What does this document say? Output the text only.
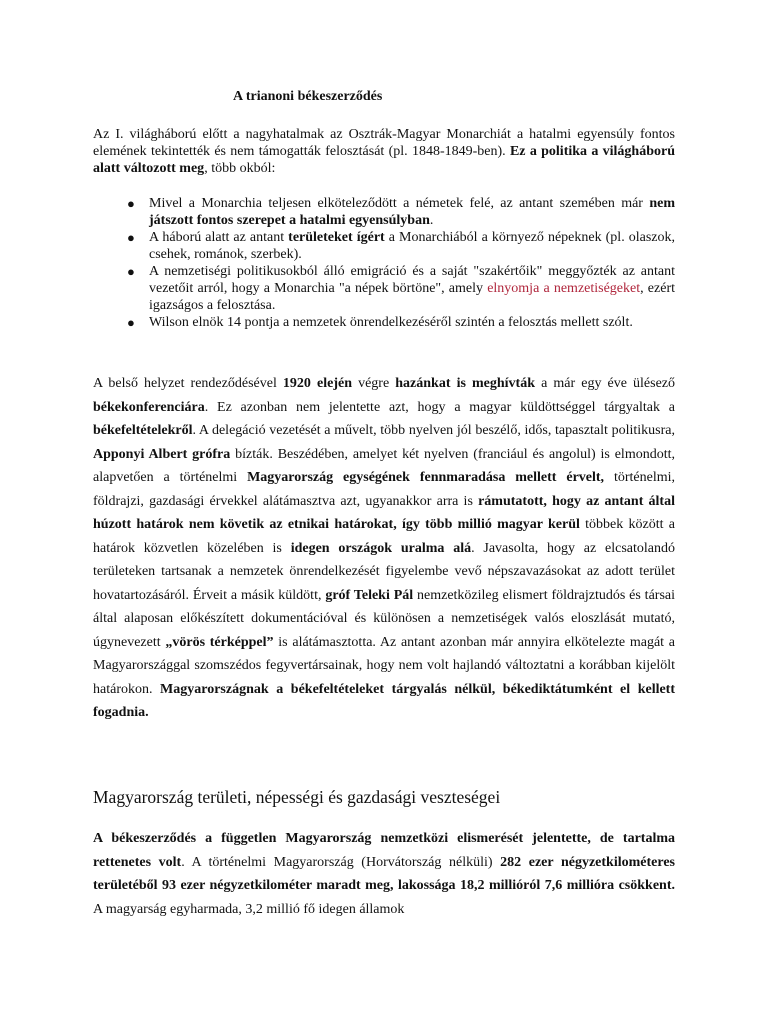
A trianoni békeszerződés

Az I. világháború előtt a nagyhatalmak az Osztrák-Magyar Monarchiát a hatalmi egyensúly fontos elemének tekintették és nem támogatták felosztását (pl. 1848-1849-ben). Ez a politika a világháború alatt változott meg, több okból:

● Mivel a Monarchia teljesen elköteleződött a németek felé, az antant szemében már nem játszott fontos szerepet a hatalmi egyensúlyban.
● A háború alatt az antant területeket ígért a Monarchiából a környező népeknek (pl. olaszok, csehek, románok, szerbek).
● A nemzetiségi politikusokból álló emigráció és a saját "szakértőik" meggyőzték az antant vezetőit arról, hogy a Monarchia "a népek börtöne", amely elnyomja a nemzetiségeket, ezért igazságos a felosztása.
● Wilson elnök 14 pontja a nemzetek önrendelkezéséről szintén a felosztás mellett szólt.

A belső helyzet rendeződésével 1920 elején végre hazánkat is meghívták a már egy éve ülésező békekonferenciára. Ez azonban nem jelentette azt, hogy a magyar küldöttséggel tárgyaltak a békefeltételekről. A delegáció vezetését a művelt, több nyelven jól beszélő, idős, tapasztalt politikusra, Apponyi Albert grófra bízták. Beszédében, amelyet két nyelven (franciául és angolul) is elmondott, alapvetően a történelmi Magyarország egységének fennmaradása mellett érvelt, történelmi, földrajzi, gazdasági érvekkel alátámasztva azt, ugyanakkor arra is rámutatott, hogy az antant által húzott határok nem követik az etnikai határokat, így több millió magyar kerül többek között a határok közvetlen közelében is idegen országok uralma alá. Javasolta, hogy az elcsatolandó területeken tartsanak a nemzetek önrendelkezését figyelembe vevő népszavazásokat az adott terület hovatartozásáról. Érveit a másik küldött, gróf Teleki Pál nemzetközileg elismert földrajztudós és társai által alaposan előkészített dokumentációval és különösen a nemzetiségek valós eloszlását mutató, úgynevezett „vörös térképpel” is alátámasztotta. Az antant azonban már annyira elkötelezte magát a Magyarországgal szomszédos fegyvertársainak, hogy nem volt hajlandó változtatni a korábban kijelölt határokon. Magyarországnak a békefeltételeket tárgyalás nélkül, békediktátumként el kellett fogadnia.

Magyarország területi, népességi és gazdasági veszteségei

A békeszerződés a független Magyarország nemzetközi elismerését jelentette, de tartalma rettenetes volt. A történelmi Magyarország (Horvátország nélküli) 282 ezer négyzetkilométeres területéből 93 ezer négyzetkilométer maradt meg, lakossága 18,2 millióról 7,6 millióra csökkent. A magyarság egyharmada, 3,2 millió fő idegen államok
